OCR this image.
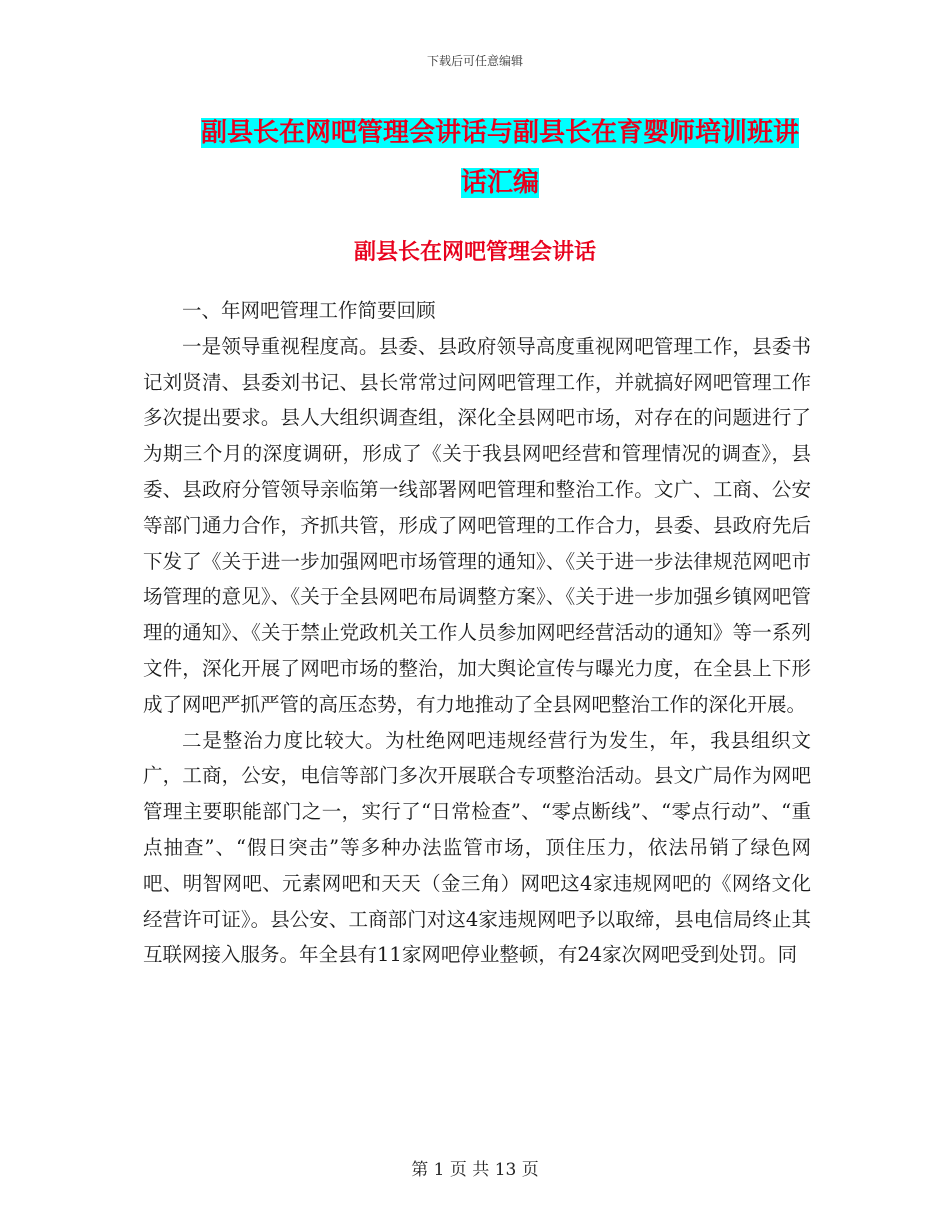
下载后可任意编辑
副县长在网吧管理会讲话与副县长在育婴师培训班讲
话汇编
副县长在网吧管理会讲话

一、年网吧管理工作简要回顾

一是领导重视程度高。县委、县政府领导高度重视网吧管理工作，县委书记刘贤清、县委刘书记、县长常常过问网吧管理工作，并就搞好网吧管理工作多次提出要求。县人大组织调查组，深化全县网吧市场，对存在的问题进行了为期三个月的深度调研，形成了《关于我县网吧经营和管理情况的调查》，县委、县政府分管领导亲临第一线部署网吧管理和整治工作。文广、工商、公安等部门通力合作，齐抓共管，形成了网吧管理的工作合力，县委、县政府先后下发了《关于进一步加强网吧市场管理的通知》、《关于进一步法律规范网吧市场管理的意见》、《关于全县网吧布局调整方案》、《关于进一步加强乡镇网吧管理的通知》、《关于禁止党政机关工作人员参加网吧经营活动的通知》等一系列文件，深化开展了网吧市场的整治，加大舆论宣传与曝光力度，在全县上下形成了网吧严抓严管的高压态势，有力地推动了全县网吧整治工作的深化开展。

二是整治力度比较大。为杜绝网吧违规经营行为发生，年，我县组织文广，工商，公安，电信等部门多次开展联合专项整治活动。县文广局作为网吧管理主要职能部门之一，实行了“日常检查”、“零点断线”、“零点行动”、“重点抽查”、“假日突击”等多种办法监管市场，顶住压力，依法吊销了绿色网吧、明智网吧、元素网吧和天天（金三角）网吧这4家违规网吧的《网络文化经营许可证》。县公安、工商部门对这4家违规网吧予以取缔，县电信局终止其互联网接入服务。年全县有11家网吧停业整顿，有24家次网吧受到处罚。同

第 1 页 共 13 页
